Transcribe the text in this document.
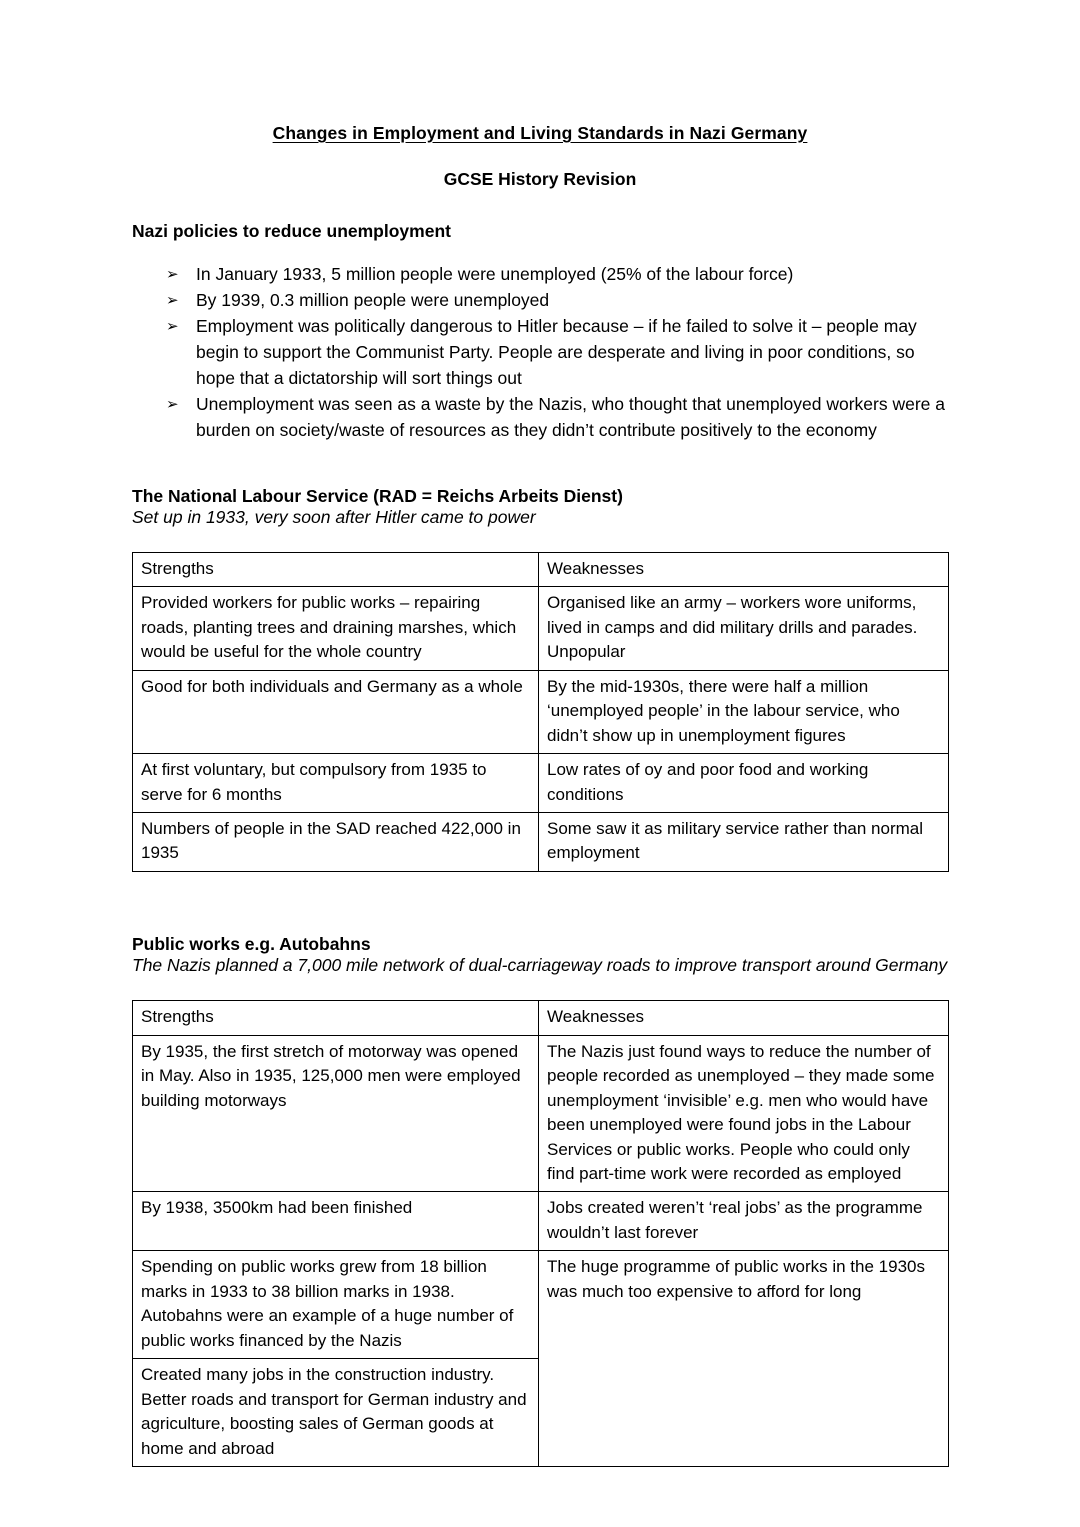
Changes in Employment and Living Standards in Nazi Germany
GCSE History Revision
Nazi policies to reduce unemployment
➢ In January 1933, 5 million people were unemployed (25% of the labour force)
➢ By 1939, 0.3 million people were unemployed
➢ Employment was politically dangerous to Hitler because – if he failed to solve it – people may begin to support the Communist Party. People are desperate and living in poor conditions, so hope that a dictatorship will sort things out
➢ Unemployment was seen as a waste by the Nazis, who thought that unemployed workers were a burden on society/waste of resources as they didn’t contribute positively to the economy
The National Labour Service (RAD = Reichs Arbeits Dienst)
Set up in 1933, very soon after Hitler came to power
Strengths	Weaknesses
Provided workers for public works – repairing roads, planting trees and draining marshes, which would be useful for the whole country	Organised like an army – workers wore uniforms, lived in camps and did military drills and parades. Unpopular
Good for both individuals and Germany as a whole	By the mid-1930s, there were half a million ‘unemployed people’ in the labour service, who didn’t show up in unemployment figures
At first voluntary, but compulsory from 1935 to serve for 6 months	Low rates of oy and poor food and working conditions
Numbers of people in the SAD reached 422,000 in 1935	Some saw it as military service rather than normal employment
Public works e.g. Autobahns
The Nazis planned a 7,000 mile network of dual-carriageway roads to improve transport around Germany
Strengths	Weaknesses
By 1935, the first stretch of motorway was opened in May. Also in 1935, 125,000 men were employed building motorways	The Nazis just found ways to reduce the number of people recorded as unemployed – they made some unemployment ‘invisible’ e.g. men who would have been unemployed were found jobs in the Labour Services or public works. People who could only find part-time work were recorded as employed
By 1938, 3500km had been finished	Jobs created weren’t ‘real jobs’ as the programme wouldn’t last forever
Spending on public works grew from 18 billion marks in 1933 to 38 billion marks in 1938. Autobahns were an example of a huge number of public works financed by the Nazis	The huge programme of public works in the 1930s was much too expensive to afford for long
Created many jobs in the construction industry. Better roads and transport for German industry and agriculture, boosting sales of German goods at home and abroad	
